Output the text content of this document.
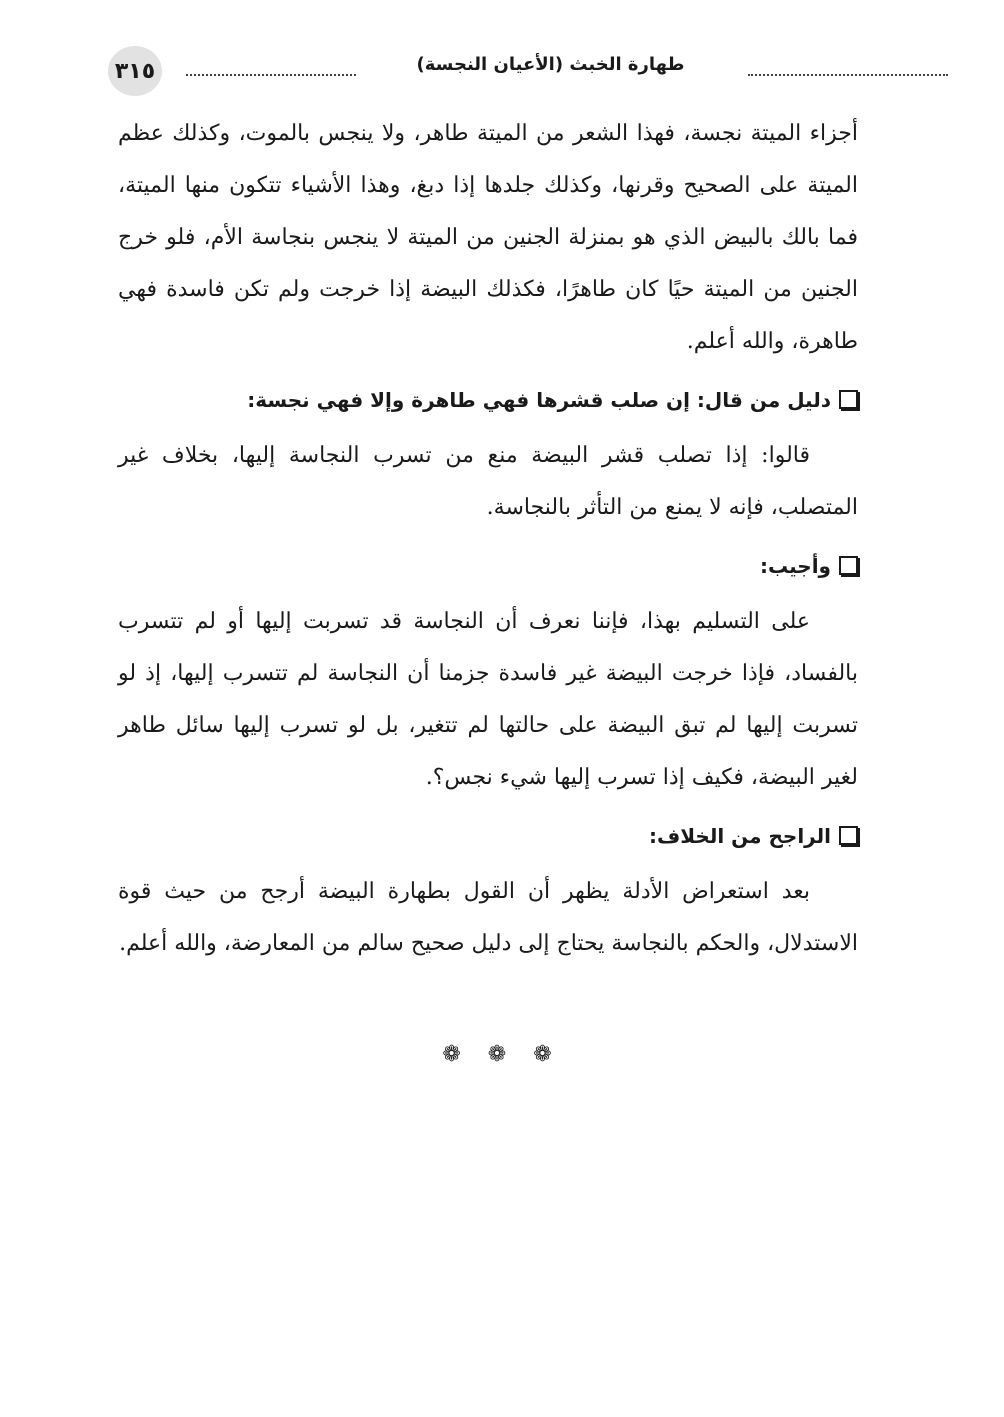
٣١٥	طهارة الخبث (الأعيان النجسة)

أجزاء الميتة نجسة، فهذا الشعر من الميتة طاهر، ولا ينجس بالموت، وكذلك عظم الميتة على الصحيح وقرنها، وكذلك جلدها إذا دبغ، وهذا الأشياء تتكون منها الميتة، فما بالك بالبيض الذي هو بمنزلة الجنين من الميتة لا ينجس بنجاسة الأم، فلو خرج الجنين من الميتة حيًا كان طاهرًا، فكذلك البيضة إذا خرجت ولم تكن فاسدة فهي طاهرة، والله أعلم.

دليل من قال: إن صلب قشرها فهي طاهرة وإلا فهي نجسة:

قالوا: إذا تصلب قشر البيضة منع من تسرب النجاسة إليها، بخلاف غير المتصلب، فإنه لا يمنع من التأثر بالنجاسة.

وأجيب:

على التسليم بهذا، فإننا نعرف أن النجاسة قد تسربت إليها أو لم تتسرب بالفساد، فإذا خرجت البيضة غير فاسدة جزمنا أن النجاسة لم تتسرب إليها، إذ لو تسربت إليها لم تبق البيضة على حالتها لم تتغير، بل لو تسرب إليها سائل طاهر لغير البيضة، فكيف إذا تسرب إليها شيء نجس؟.

الراجح من الخلاف:

بعد استعراض الأدلة يظهر أن القول بطهارة البيضة أرجح من حيث قوة الاستدلال، والحكم بالنجاسة يحتاج إلى دليل صحيح سالم من المعارضة، والله أعلم.

❁ ❁ ❁
